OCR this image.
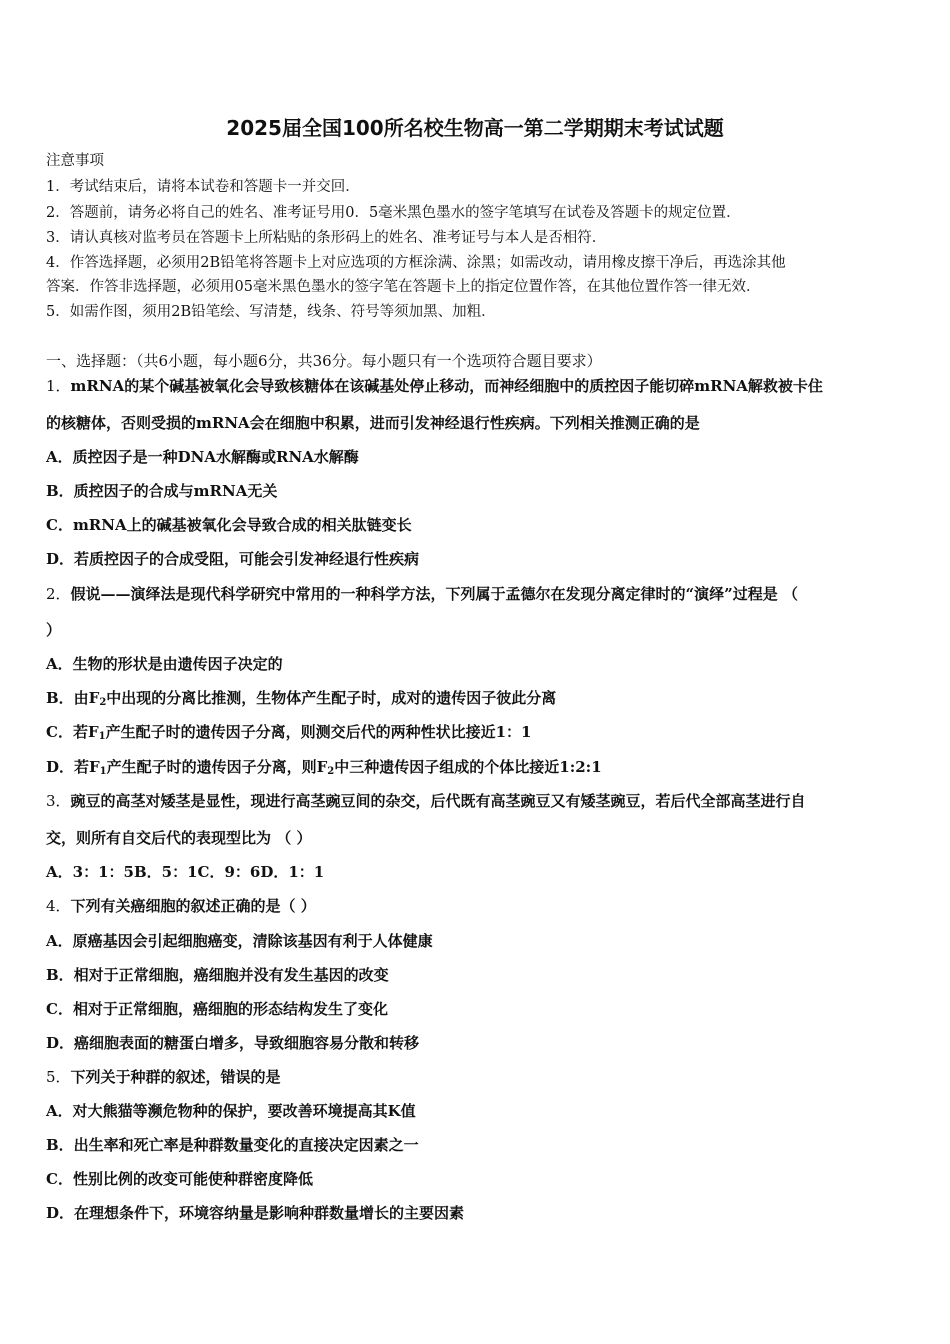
2025届全国100所名校生物高一第二学期期末考试试题
注意事项
1．考试结束后，请将本试卷和答题卡一并交回．
2．答题前，请务必将自己的姓名、准考证号用0．5毫米黑色墨水的签字笔填写在试卷及答题卡的规定位置．
3．请认真核对监考员在答题卡上所粘贴的条形码上的姓名、准考证号与本人是否相符．
4．作答选择题，必须用2B铅笔将答题卡上对应选项的方框涂满、涂黑；如需改动，请用橡皮擦干净后，再选涂其他
答案．作答非选择题，必须用05毫米黑色墨水的签字笔在答题卡上的指定位置作答，在其他位置作答一律无效．
5．如需作图，须用2B铅笔绘、写清楚，线条、符号等须加黑、加粗．
一、选择题：（共6小题，每小题6分，共36分。每小题只有一个选项符合题目要求）
1．mRNA的某个碱基被氧化会导致核糖体在该碱基处停止移动，而神经细胞中的质控因子能切碎mRNA解救被卡住
的核糖体，否则受损的mRNA会在细胞中积累，进而引发神经退行性疾病。下列相关推测正确的是
A．质控因子是一种DNA水解酶或RNA水解酶
B．质控因子的合成与mRNA无关
C．mRNA上的碱基被氧化会导致合成的相关肽链变长
D．若质控因子的合成受阻，可能会引发神经退行性疾病
2．假说——演绎法是现代科学研究中常用的一种科学方法，下列属于孟德尔在发现分离定律时的“演绎”过程是 （
）
A．生物的形状是由遗传因子决定的
B．由$F_2$中出现的分离比推测，生物体产生配子时，成对的遗传因子彼此分离
C．若$F_1$产生配子时的遗传因子分离，则测交后代的两种性状比接近1：1
D．若$F_1$产生配子时的遗传因子分离，则$F_2$中三种遗传因子组成的个体比接近1:2:1
3．豌豆的高茎对矮茎是显性，现进行高茎豌豆间的杂交，后代既有高茎豌豆又有矮茎豌豆，若后代全部高茎进行自
交，则所有自交后代的表现型比为 （ ）
A．3：1：5B．5：1C．9：6D．1：1
4．下列有关癌细胞的叙述正确的是（ ）
A．原癌基因会引起细胞癌变，清除该基因有利于人体健康
B．相对于正常细胞，癌细胞并没有发生基因的改变
C．相对于正常细胞，癌细胞的形态结构发生了变化
D．癌细胞表面的糖蛋白增多，导致细胞容易分散和转移
5．下列关于种群的叙述，错误的是
A．对大熊猫等濒危物种的保护，要改善环境提高其K值
B．出生率和死亡率是种群数量变化的直接决定因素之一
C．性别比例的改变可能使种群密度降低
D．在理想条件下，环境容纳量是影响种群数量增长的主要因素
